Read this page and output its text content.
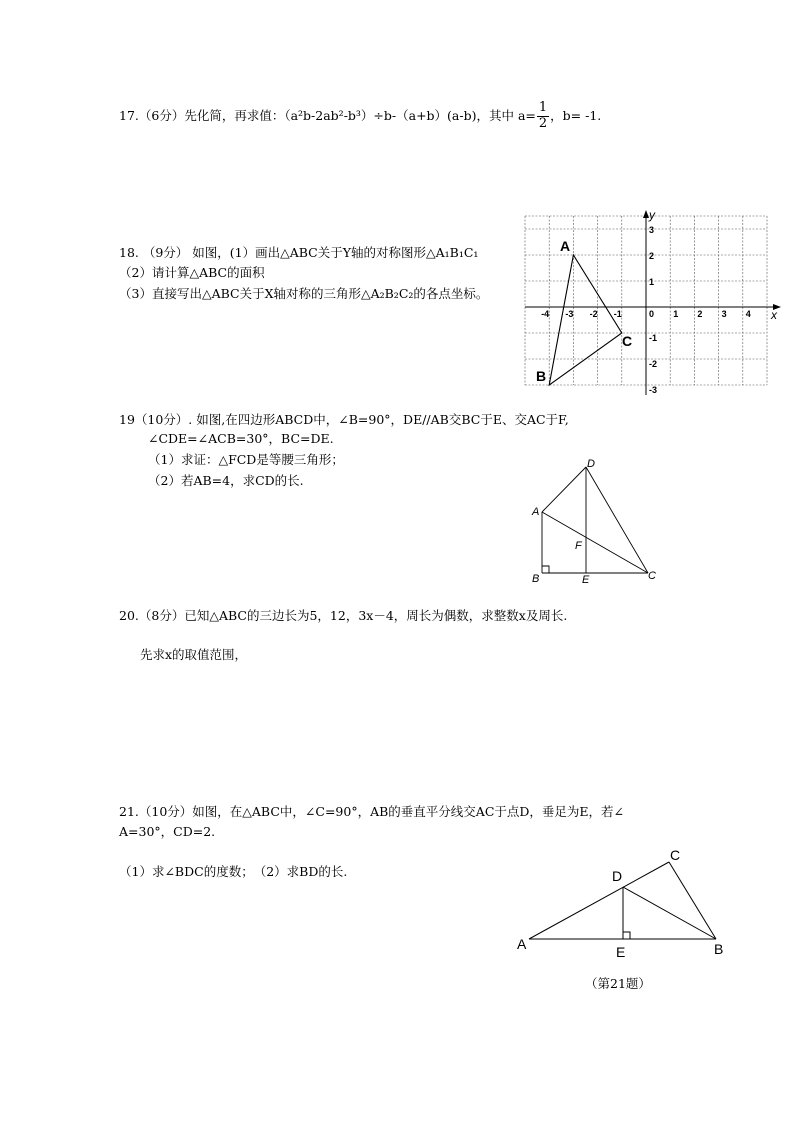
17.（6分）先化简，再求值：（a²b-2ab²-b³）÷b-（a+b）(a-b)，其中 $a= \frac{1}{2}$ ，b= -1.
18. （9分） 如图，(1）画出△ABC关于Y轴的对称图形△A₁B₁C₁
（2）请计算△ABC的面积
（3）直接写出△ABC关于X轴对称的三角形△A₂B₂C₂的各点坐标。
x
y
-4 -3 -2 -1	0 1 2 3 4
3
2
1
-1
-2
-3
A
B
C
19（10分）. 如图,在四边形ABCD中，∠B=90°，DE//AB交BC于E、交AC于F,
∠CDE=∠ACB=30°，BC=DE.
（1）求证：△FCD是等腰三角形；
（2）若AB=4，求CD的长.
A
B	C
D
E
F
20.（8分）已知△ABC的三边长为5，12，3x－4，周长为偶数，求整数x及周长.
先求x的取值范围，
21.（10分）如图，在△ABC中，∠C=90°，AB的垂直平分线交AC于点D，垂足为E，若∠
A=30°，CD=2.
（1）求∠BDC的度数；　（2）求BD的长.
A	B
C
D
E
（第21题）
